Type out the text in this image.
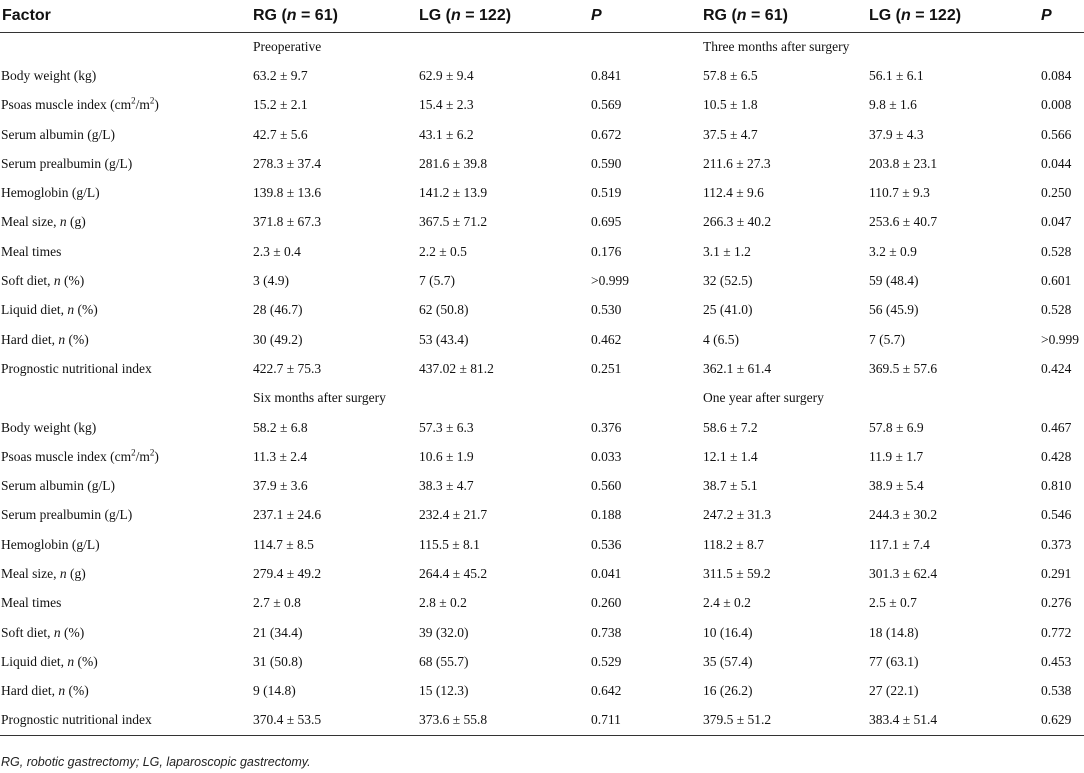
Factor	RG (n = 61)	LG (n = 122)	P	RG (n = 61)	LG (n = 122)	P
	Preoperative			Three months after surgery		
Body weight (kg)	63.2 ± 9.7	62.9 ± 9.4	0.841	57.8 ± 6.5	56.1 ± 6.1	0.084
Psoas muscle index $(cm^2/m^2)$	15.2 ± 2.1	15.4 ± 2.3	0.569	10.5 ± 1.8	9.8 ± 1.6	0.008
Serum albumin (g/L)	42.7 ± 5.6	43.1 ± 6.2	0.672	37.5 ± 4.7	37.9 ± 4.3	0.566
Serum prealbumin (g/L)	278.3 ± 37.4	281.6 ± 39.8	0.590	211.6 ± 27.3	203.8 ± 23.1	0.044
Hemoglobin (g/L)	139.8 ± 13.6	141.2 ± 13.9	0.519	112.4 ± 9.6	110.7 ± 9.3	0.250
Meal size, n (g)	371.8 ± 67.3	367.5 ± 71.2	0.695	266.3 ± 40.2	253.6 ± 40.7	0.047
Meal times	2.3 ± 0.4	2.2 ± 0.5	0.176	3.1 ± 1.2	3.2 ± 0.9	0.528
Soft diet, n (%)	3 (4.9)	7 (5.7)	>0.999	32 (52.5)	59 (48.4)	0.601
Liquid diet, n (%)	28 (46.7)	62 (50.8)	0.530	25 (41.0)	56 (45.9)	0.528
Hard diet, n (%)	30 (49.2)	53 (43.4)	0.462	4 (6.5)	7 (5.7)	>0.999
Prognostic nutritional index	422.7 ± 75.3	437.02 ± 81.2	0.251	362.1 ± 61.4	369.5 ± 57.6	0.424
	Six months after surgery			One year after surgery		
Body weight (kg)	58.2 ± 6.8	57.3 ± 6.3	0.376	58.6 ± 7.2	57.8 ± 6.9	0.467
Psoas muscle index $(cm^2/m^2)$	11.3 ± 2.4	10.6 ± 1.9	0.033	12.1 ± 1.4	11.9 ± 1.7	0.428
Serum albumin (g/L)	37.9 ± 3.6	38.3 ± 4.7	0.560	38.7 ± 5.1	38.9 ± 5.4	0.810
Serum prealbumin (g/L)	237.1 ± 24.6	232.4 ± 21.7	0.188	247.2 ± 31.3	244.3 ± 30.2	0.546
Hemoglobin (g/L)	114.7 ± 8.5	115.5 ± 8.1	0.536	118.2 ± 8.7	117.1 ± 7.4	0.373
Meal size, n (g)	279.4 ± 49.2	264.4 ± 45.2	0.041	311.5 ± 59.2	301.3 ± 62.4	0.291
Meal times	2.7 ± 0.8	2.8 ± 0.2	0.260	2.4 ± 0.2	2.5 ± 0.7	0.276
Soft diet, n (%)	21 (34.4)	39 (32.0)	0.738	10 (16.4)	18 (14.8)	0.772
Liquid diet, n (%)	31 (50.8)	68 (55.7)	0.529	35 (57.4)	77 (63.1)	0.453
Hard diet, n (%)	9 (14.8)	15 (12.3)	0.642	16 (26.2)	27 (22.1)	0.538
Prognostic nutritional index	370.4 ± 53.5	373.6 ± 55.8	0.711	379.5 ± 51.2	383.4 ± 51.4	0.629
RG, robotic gastrectomy; LG, laparoscopic gastrectomy.
